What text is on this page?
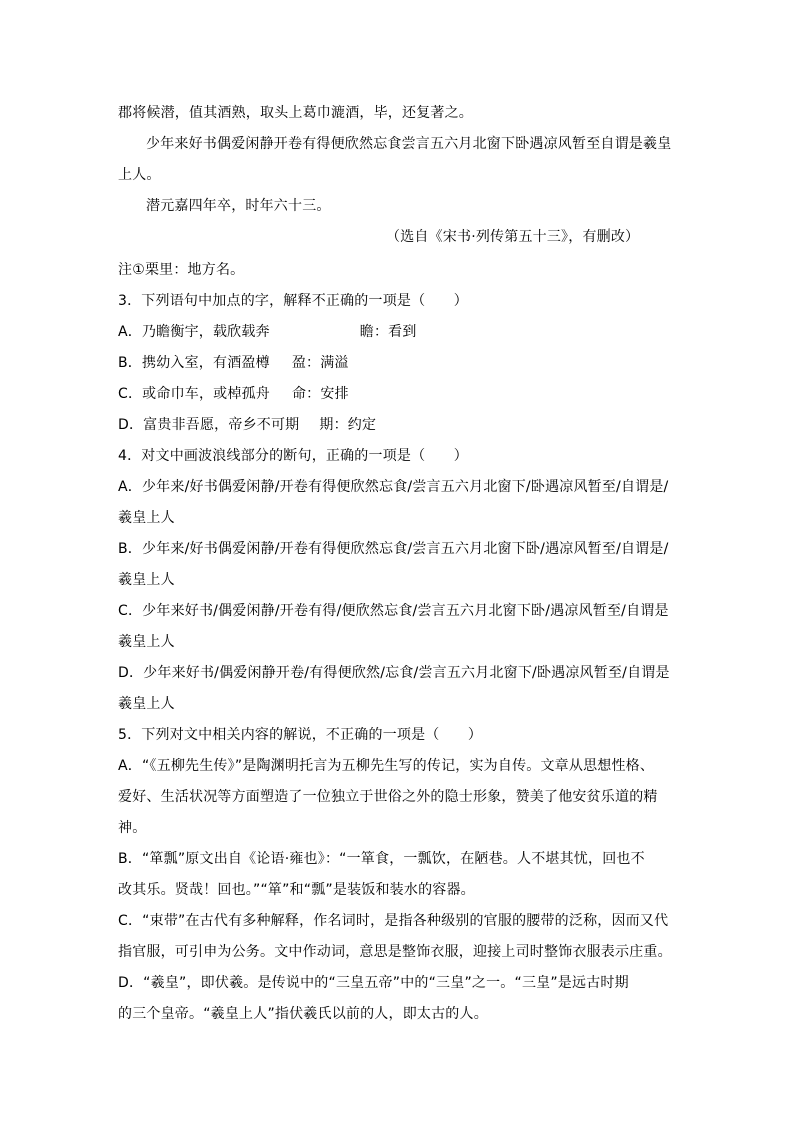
郡将候潜，值其酒熟，取头上葛巾漉酒，毕，还复著之。
少年来好书偶爱闲静开卷有得便欣然忘食尝言五六月北窗下卧遇凉风暂至自谓是羲皇
上人。
潜元嘉四年卒，时年六十三。
（选自《宋书·列传第五十三》，有删改）
注①栗里：地方名。
3．下列语句中加点的字，解释不正确的一项是（　　）
A．乃瞻衡宇，载欣载奔	瞻：看到
B．携幼入室，有酒盈樽 盈：满溢
C．或命巾车，或棹孤舟 命：安排
D．富贵非吾愿，帝乡不可期 期：约定
4．对文中画波浪线部分的断句，正确的一项是（　　）
A．少年来/好书偶爱闲静/开卷有得便欣然忘食/尝言五六月北窗下/卧遇凉风暂至/自谓是/
羲皇上人
B．少年来/好书偶爱闲静/开卷有得便欣然忘食/尝言五六月北窗下卧/遇凉风暂至/自谓是/
羲皇上人
C．少年来好书/偶爱闲静/开卷有得/便欣然忘食/尝言五六月北窗下卧/遇凉风暂至/自谓是
羲皇上人
D．少年来好书/偶爱闲静开卷/有得便欣然/忘食/尝言五六月北窗下/卧遇凉风暂至/自谓是
羲皇上人
5．下列对文中相关内容的解说，不正确的一项是（　　）
A．“《五柳先生传》”是陶渊明托言为五柳先生写的传记，实为自传。文章从思想性格、
爱好、生活状况等方面塑造了一位独立于世俗之外的隐士形象，赞美了他安贫乐道的精
神。
B．“箪瓢”原文出自《论语·雍也》：“一箪食，一瓢饮，在陋巷。人不堪其忧，回也不
改其乐。贤哉！回也。”“箪”和“瓢”是装饭和装水的容器。
C．“束带”在古代有多种解释，作名词时，是指各种级别的官服的腰带的泛称，因而又代
指官服，可引申为公务。文中作动词，意思是整饰衣服，迎接上司时整饰衣服表示庄重。
D．“羲皇”，即伏羲。是传说中的“三皇五帝”中的“三皇”之一。“三皇”是远古时期
的三个皇帝。“羲皇上人”指伏羲氏以前的人，即太古的人。
